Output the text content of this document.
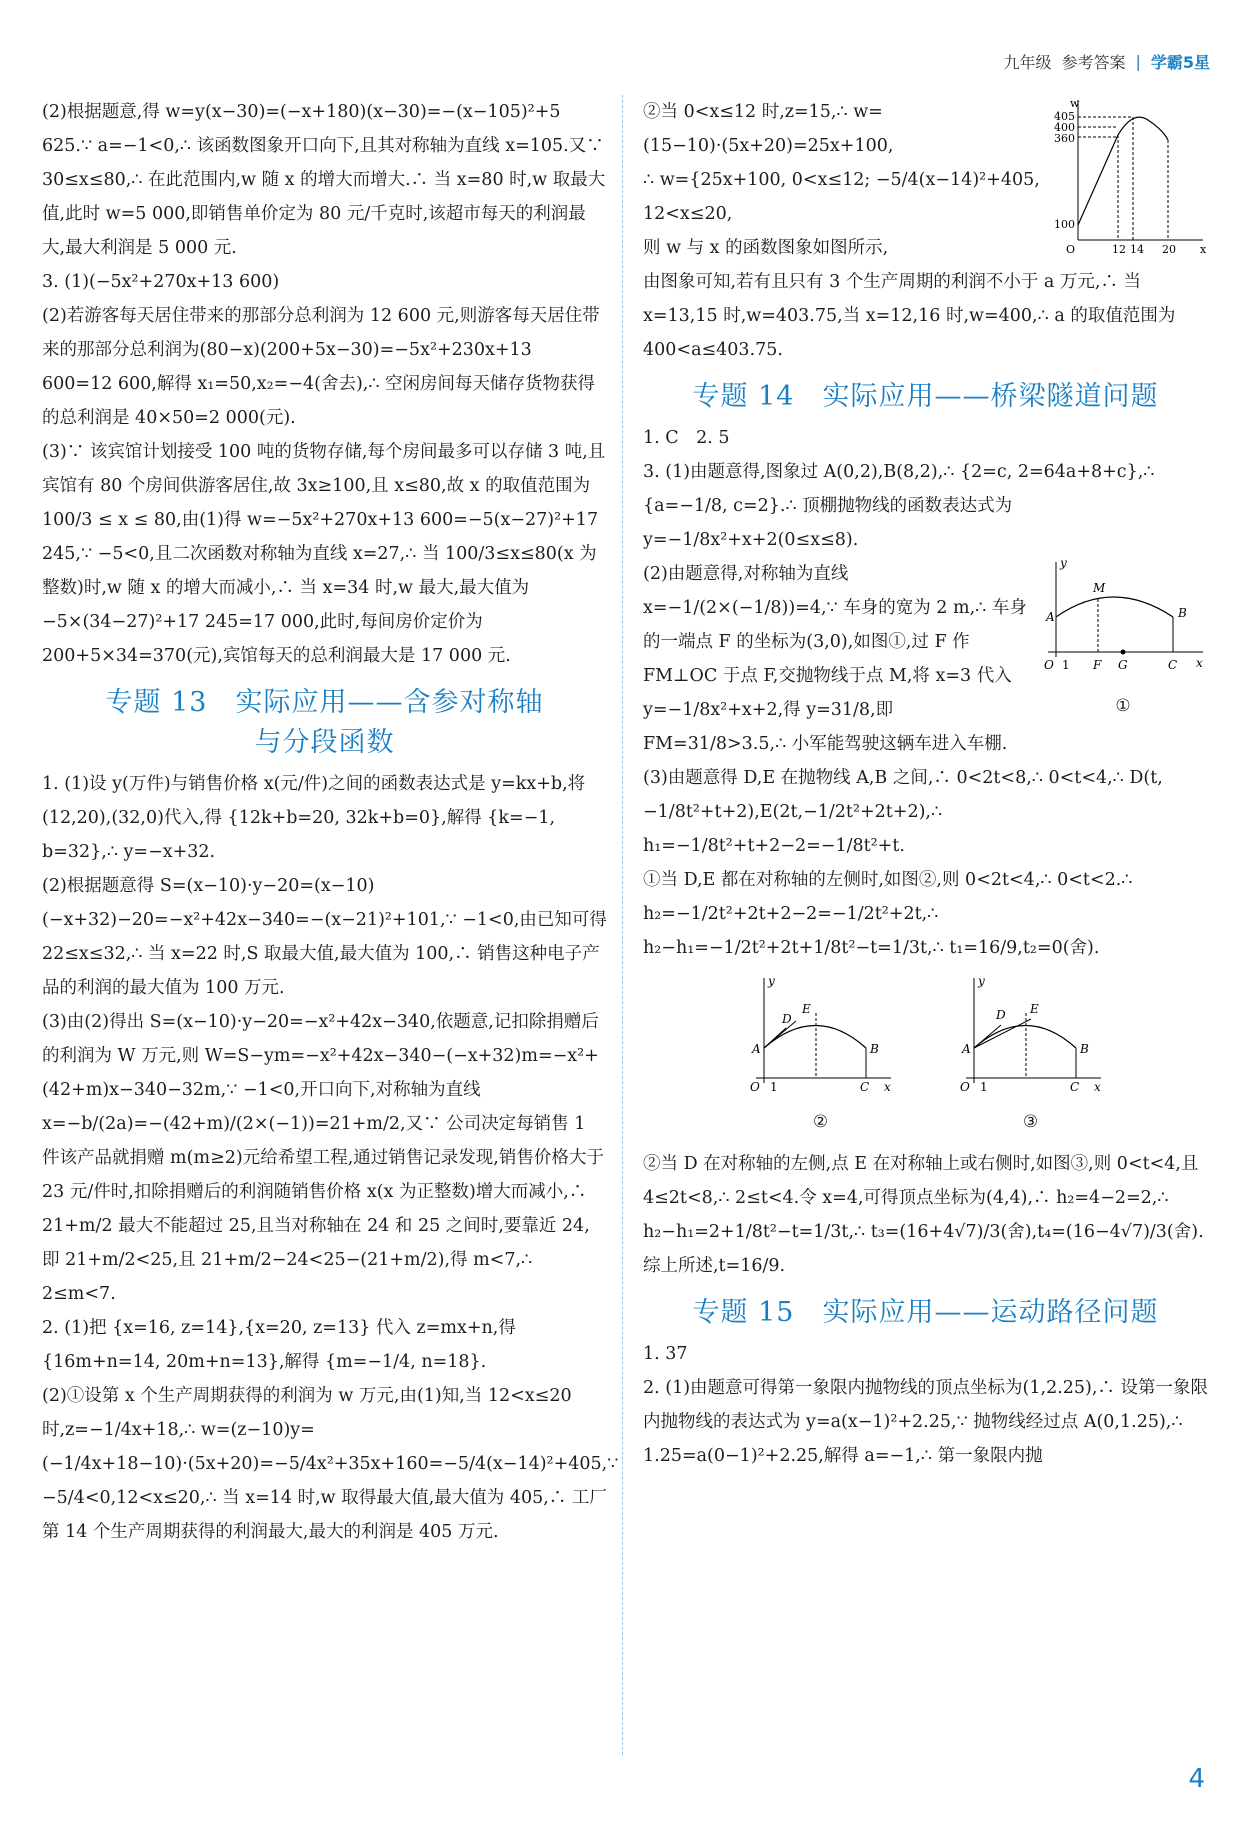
九年级 参考答案 | 学霸5星

(2)根据题意,得 w=y(x−30)=(−x+180)(x−30)=−(x−105)²+5 625.∵ a=−1<0,∴ 该函数图象开口向下,且其对称轴为直线 x=105.又∵ 30≤x≤80,∴ 在此范围内,w 随 x 的增大而增大.∴ 当 x=80 时,w 取最大值,此时 w=5 000,即销售单价定为 80 元/千克时,该超市每天的利润最大,最大利润是 5 000 元.

3. (1)(−5x²+270x+13 600)

(2)若游客每天居住带来的那部分总利润为 12 600 元,则游客每天居住带来的那部分总利润为(80−x)(200+5x−30)=−5x²+230x+13 600=12 600,解得 x₁=50,x₂=−4(舍去),∴ 空闲房间每天储存货物获得的总利润是 40×50=2 000(元).

(3)∵ 该宾馆计划接受 100 吨的货物存储,每个房间最多可以存储 3 吨,且宾馆有 80 个房间供游客居住,故 3x≥100,且 x≤80,故 x 的取值范围为 100/3 ≤ x ≤ 80,由(1)得 w=−5x²+270x+13 600=−5(x−27)²+17 245,∵ −5<0,且二次函数对称轴为直线 x=27,∴ 当 100/3≤x≤80(x 为整数)时,w 随 x 的增大而减小,∴ 当 x=34 时,w 最大,最大值为−5×(34−27)²+17 245=17 000,此时,每间房价定价为 200+5×34=370(元),宾馆每天的总利润最大是 17 000 元.

专题 13　实际应用——含参对称轴
与分段函数

1. (1)设 y(万件)与销售价格 x(元/件)之间的函数表达式是 y=kx+b,将(12,20),(32,0)代入,得 {12k+b=20, 32k+b=0},解得 {k=−1, b=32},∴ y=−x+32.

(2)根据题意得 S=(x−10)·y−20=(x−10)(−x+32)−20=−x²+42x−340=−(x−21)²+101,∵ −1<0,由已知可得 22≤x≤32,∴ 当 x=22 时,S 取最大值,最大值为 100,∴ 销售这种电子产品的利润的最大值为 100 万元.

(3)由(2)得出 S=(x−10)·y−20=−x²+42x−340,依题意,记扣除捐赠后的利润为 W 万元,则 W=S−ym=−x²+42x−340−(−x+32)m=−x²+(42+m)x−340−32m,∵ −1<0,开口向下,对称轴为直线 x=−b/(2a)=−(42+m)/(2×(−1))=21+m/2,又∵ 公司决定每销售 1 件该产品就捐赠 m(m≥2)元给希望工程,通过销售记录发现,销售价格大于 23 元/件时,扣除捐赠后的利润随销售价格 x(x 为正整数)增大而减小,∴ 21+m/2 最大不能超过 25,且当对称轴在 24 和 25 之间时,要靠近 24,即 21+m/2<25,且 21+m/2−24<25−(21+m/2),得 m<7,∴ 2≤m<7.

2. (1)把 {x=16, z=14},{x=20, z=13} 代入 z=mx+n,得 {16m+n=14, 20m+n=13},解得 {m=−1/4, n=18}.

(2)①设第 x 个生产周期获得的利润为 w 万元,由(1)知,当 12<x≤20 时,z=−1/4x+18,∴ w=(z−10)y=(−1/4x+18−10)·(5x+20)=−5/4x²+35x+160=−5/4(x−14)²+405,∵ −5/4<0,12<x≤20,∴ 当 x=14 时,w 取得最大值,最大值为 405,∴ 工厂第 14 个生产周期获得的利润最大,最大的利润是 405 万元.

w
x
O
405
400
360
100
12 14 20

②当 0<x≤12 时,z=15,∴ w=(15−10)·(5x+20)=25x+100,

∴ w={25x+100, 0<x≤12; −5/4(x−14)²+405, 12<x≤20,

则 w 与 x 的函数图象如图所示,

由图象可知,若有且只有 3 个生产周期的利润不小于 a 万元,∴ 当 x=13,15 时,w=403.75,当 x=12,16 时,w=400,∴ a 的取值范围为 400<a≤403.75.

专题 14　实际应用——桥梁隧道问题

1. C　2. 5

3. (1)由题意得,图象过 A(0,2),B(8,2),∴ {2=c, 2=64a+8+c},∴ {a=−1/8, c=2}.∴ 顶棚抛物线的函数表达式为 y=−1/8x²+x+2(0≤x≤8).

A
M
B
F G	C
O 1
y
x
①

(2)由题意得,对称轴为直线 x=−1/(2×(−1/8))=4,∵ 车身的宽为 2 m,∴ 车身的一端点 F 的坐标为(3,0),如图①,过 F 作 FM⊥OC 于点 F,交抛物线于点 M,将 x=3 代入 y=−1/8x²+x+2,得 y=31/8,即 FM=31/8>3.5,∴ 小军能驾驶这辆车进入车棚.

(3)由题意得 D,E 在抛物线 A,B 之间,∴ 0<2t<8,∴ 0<t<4,∴ D(t,−1/8t²+t+2),E(2t,−1/2t²+2t+2),∴ h₁=−1/8t²+t+2−2=−1/8t²+t.

①当 D,E 都在对称轴的左侧时,如图②,则 0<2t<4,∴ 0<t<2.∴ h₂=−1/2t²+2t+2−2=−1/2t²+2t,∴ h₂−h₁=−1/2t²+2t+1/8t²−t=1/3t,∴ t₁=16/9,t₂=0(舍).

y
D
E
A	B
O 1	C x
②
y
D E
A	B
O 1	C x
③

②当 D 在对称轴的左侧,点 E 在对称轴上或右侧时,如图③,则 0<t<4,且 4≤2t<8,∴ 2≤t<4.令 x=4,可得顶点坐标为(4,4),∴ h₂=4−2=2,∴ h₂−h₁=2+1/8t²−t=1/3t,∴ t₃=(16+4√7)/3(舍),t₄=(16−4√7)/3(舍).综上所述,t=16/9.

专题 15　实际应用——运动路径问题

1. 37

2. (1)由题意可得第一象限内抛物线的顶点坐标为(1,2.25),∴ 设第一象限内抛物线的表达式为 y=a(x−1)²+2.25,∵ 抛物线经过点 A(0,1.25),∴ 1.25=a(0−1)²+2.25,解得 a=−1,∴ 第一象限内抛

4
